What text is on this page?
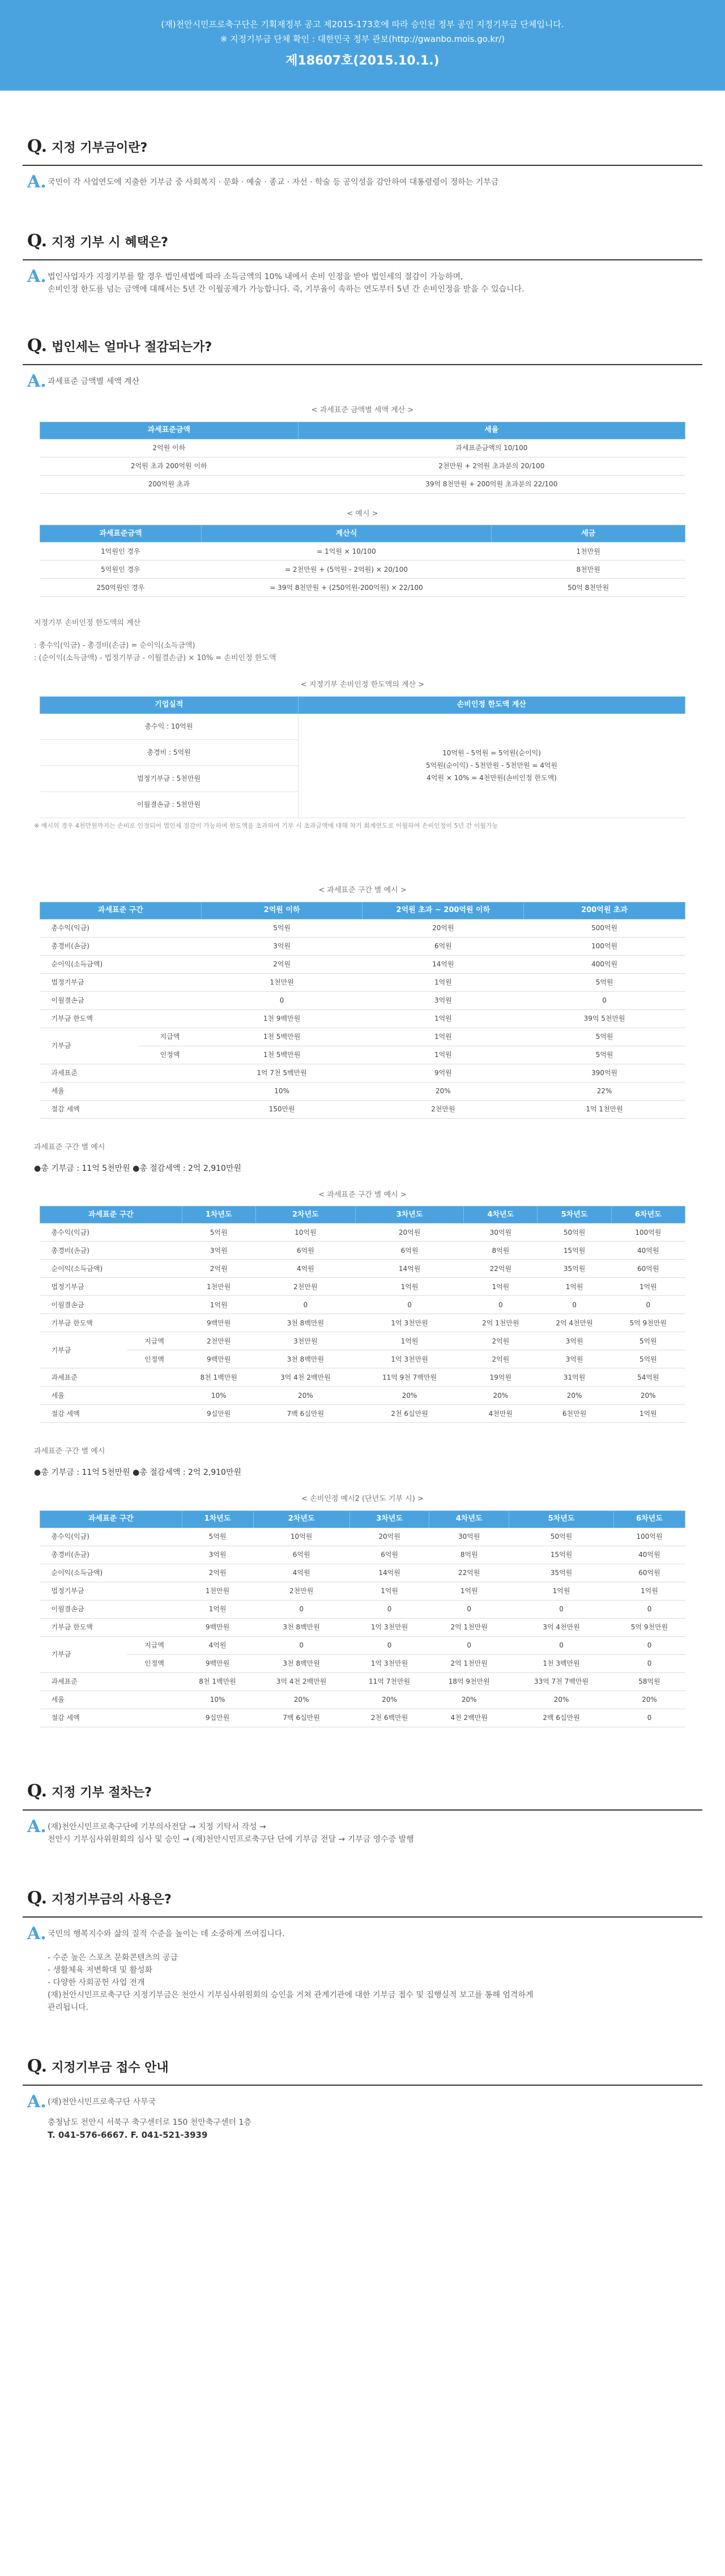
(재)천안시민프로축구단은 기획재정부 공고 제2015-173호에 따라 승인된 정부 공인 지정기부금 단체입니다.
※ 지정기부금 단체 확인 : 대한민국 정부 관보(http://gwanbo.mois.go.kr/)
제18607호(2015.10.1.)
Q. 지정 기부금이란?
A. 국민이 각 사업연도에 지출한 기부금 중 사회복지 · 문화 · 예술 · 종교 · 자선 · 학술 등 공익성을 감안하여 대통령령이 정하는 기부금
Q. 지정 기부 시 혜택은?
A. 법인사업자가 지정기부를 할 경우 법인세법에 따라 소득금액의 10% 내에서 손비 인정을 받아 법인세의 절감이 가능하며,
손비인정 한도를 넘는 금액에 대해서는 5년 간 이월공제가 가능합니다. 즉, 기부율이 속하는 연도부터 5년 간 손비인정을 받을 수 있습니다.
Q. 법인세는 얼마나 절감되는가?
A. 과세표준 금액별 세액 계산
< 과세표준 금액별 세액 계산 >
과세표준금액	세율
2억원 이하	과세표준금액의 10/100
2억원 초과 200억원 이하	2천만원 + 2억원 초과분의 20/100
200억원 초과	39억 8천만원 + 200억원 초과분의 22/100
< 예시 >
과세표준금액	계산식	세금
1억원인 경우	= 1억원 × 10/100	1천만원
5억원인 경우	= 2천만원 + (5억원 - 2억원) × 20/100	8천만원
250억원인 경우	= 39억 8천만원 + (250억원-200억원) × 22/100	50억 8천만원
지정기부 손비인정 한도액의 계산
: 총수익(익금) - 총경비(손금) = 순이익(소득금액)
: (순이익(소득금액) - 법정기부금 - 이월결손금) × 10% = 손비인정 한도액
< 지정기부 손비인정 한도액의 계산 >
기업실적	손비인정 한도액 계산
총수익 : 10억원	10억원 - 5억원 = 5억원(순이익)
5억원(순이익) - 5천만원 - 5천만원 = 4억원
4억원 × 10% = 4천만원(손비인정 한도액)

총경비 : 5억원	
법정기부금 : 5천만원	
이월결손금 : 5천만원	
※ 예시의 경우 4천만원까지는 손비로 인정되어 법인세 절감이 가능하며 한도액을 초과하여 기부 시 초과금액에 대해 차기 회계연도로 이월하여 손비인정이 5년 간 이월가능
< 과세표준 구간 별 예시 >
과세표준 구간		2억원 이하	2억원 초과 ~ 200억원 이하	200억원 초과
총수익(익금)		5억원	20억원	500억원
총경비(손금)		3억원	6억원	100억원
순이익(소득금액)		2억원	14억원	400억원
법정기부금		1천만원	1억원	5억원
이월결손금		0	3억원	0
기부금 한도액		1천 9백만원	1억원	39억 5천만원
기부금	지급액	1천 5백만원	1억원	5억원
	인정액	1천 5백만원	1억원	5억원
과세표준		1억 7천 5백만원	9억원	390억원
세율		10%	20%	22%
절감 세액		150만원	2천만원	1억 1천만원
과세표준 구간 별 예시
●총 기부금 : 11억 5천만원 ●총 절감세액 : 2억 2,910만원
< 과세표준 구간 별 예시 >
과세표준 구간		1차년도	2차년도	3차년도	4차년도	5차년도	6차년도
총수익(익금)		5억원	10억원	20억원	30억원	50억원	100억원
총경비(손금)		3억원	6억원	6억원	8억원	15억원	40억원
순이익(소득금액)		2억원	4억원	14억원	22억원	35억원	60억원
법정기부금		1천만원	2천만원	1억원	1억원	1억원	1억원
이월결손금		1억원	0	0	0	0	0
기부금 한도액		9백만원	3천 8백만원	1억 3천만원	2억 1천만원	2억 4천만원	5억 9천만원
기부금	지급액	2천만원	3천만원	1억원	2억원	3억원	5억원
	인정액	9백만원	3천 8백만원	1억 3천만원	2억원	3억원	5억원
과세표준		8천 1백만원	3억 4천 2백만원	11억 9천 7백만원	19억원	31억원	54억원
세율		10%	20%	20%	20%	20%	20%
절감 세액		9십만원	7백 6십만원	2천 6십만원	4천만원	6천만원	1억원
과세표준 구간 별 예시
●총 기부금 : 11억 5천만원 ●총 절감세액 : 2억 2,910만원
< 손비인정 예시2 (단년도 기부 시) >
과세표준 구간		1차년도	2차년도	3차년도	4차년도	5차년도	6차년도
총수익(익금)		5억원	10억원	20억원	30억원	50억원	100억원
총경비(손금)		3억원	6억원	6억원	8억원	15억원	40억원
순이익(소득금액)		2억원	4억원	14억원	22억원	35억원	60억원
법정기부금		1천만원	2천만원	1억원	1억원	1억원	1억원
이월결손금		1억원	0	0	0	0	0
기부금 한도액		9백만원	3천 8백만원	1억 3천만원	2억 1천만원	3억 4천만원	5억 9천만원
기부금	지급액	4억원	0	0	0	0	0
	인정액	9백만원	3천 8백만원	1억 3천만원	2억 1천만원	1천 3백만원	0
과세표준		8천 1백만원	3억 4천 2백만원	11억 7천만원	18억 9천만원	33억 7천 7백만원	58억원
세율		10%	20%	20%	20%	20%	20%
절감 세액		9십만원	7백 6십만원	2천 6백만원	4천 2백만원	2백 6십만원	0
Q. 지정 기부 절차는?
A. (재)천안시민프로축구단에 기부의사전달 → 지정 기탁서 작성 →
천안시 기부심사위원회의 심사 및 승인 → (재)천안시민프로축구단 단에 기부금 전달 → 기부금 영수증 발행
Q. 지정기부금의 사용은?
A. 국민의 행복지수와 삶의 질적 수준을 높이는 데 소중하게 쓰여집니다.
- 수준 높은 스포츠 문화콘텐츠의 공급
- 생활체육 저변확대 및 활성화
- 다양한 사회공헌 사업 전개
(재)천안시민프로축구단 지정기부금은 천안시 기부심사위원회의 승인을 거쳐 관계기관에 대한 기부금 접수 및 집행실적 보고를 통해 엄격하게
관리됩니다.
Q. 지정기부금 접수 안내
A. (재)천안시민프로축구단 사무국
충청남도 천안시 서북구 축구센터로 150 천안축구센터 1층
T. 041-576-6667. F. 041-521-3939
